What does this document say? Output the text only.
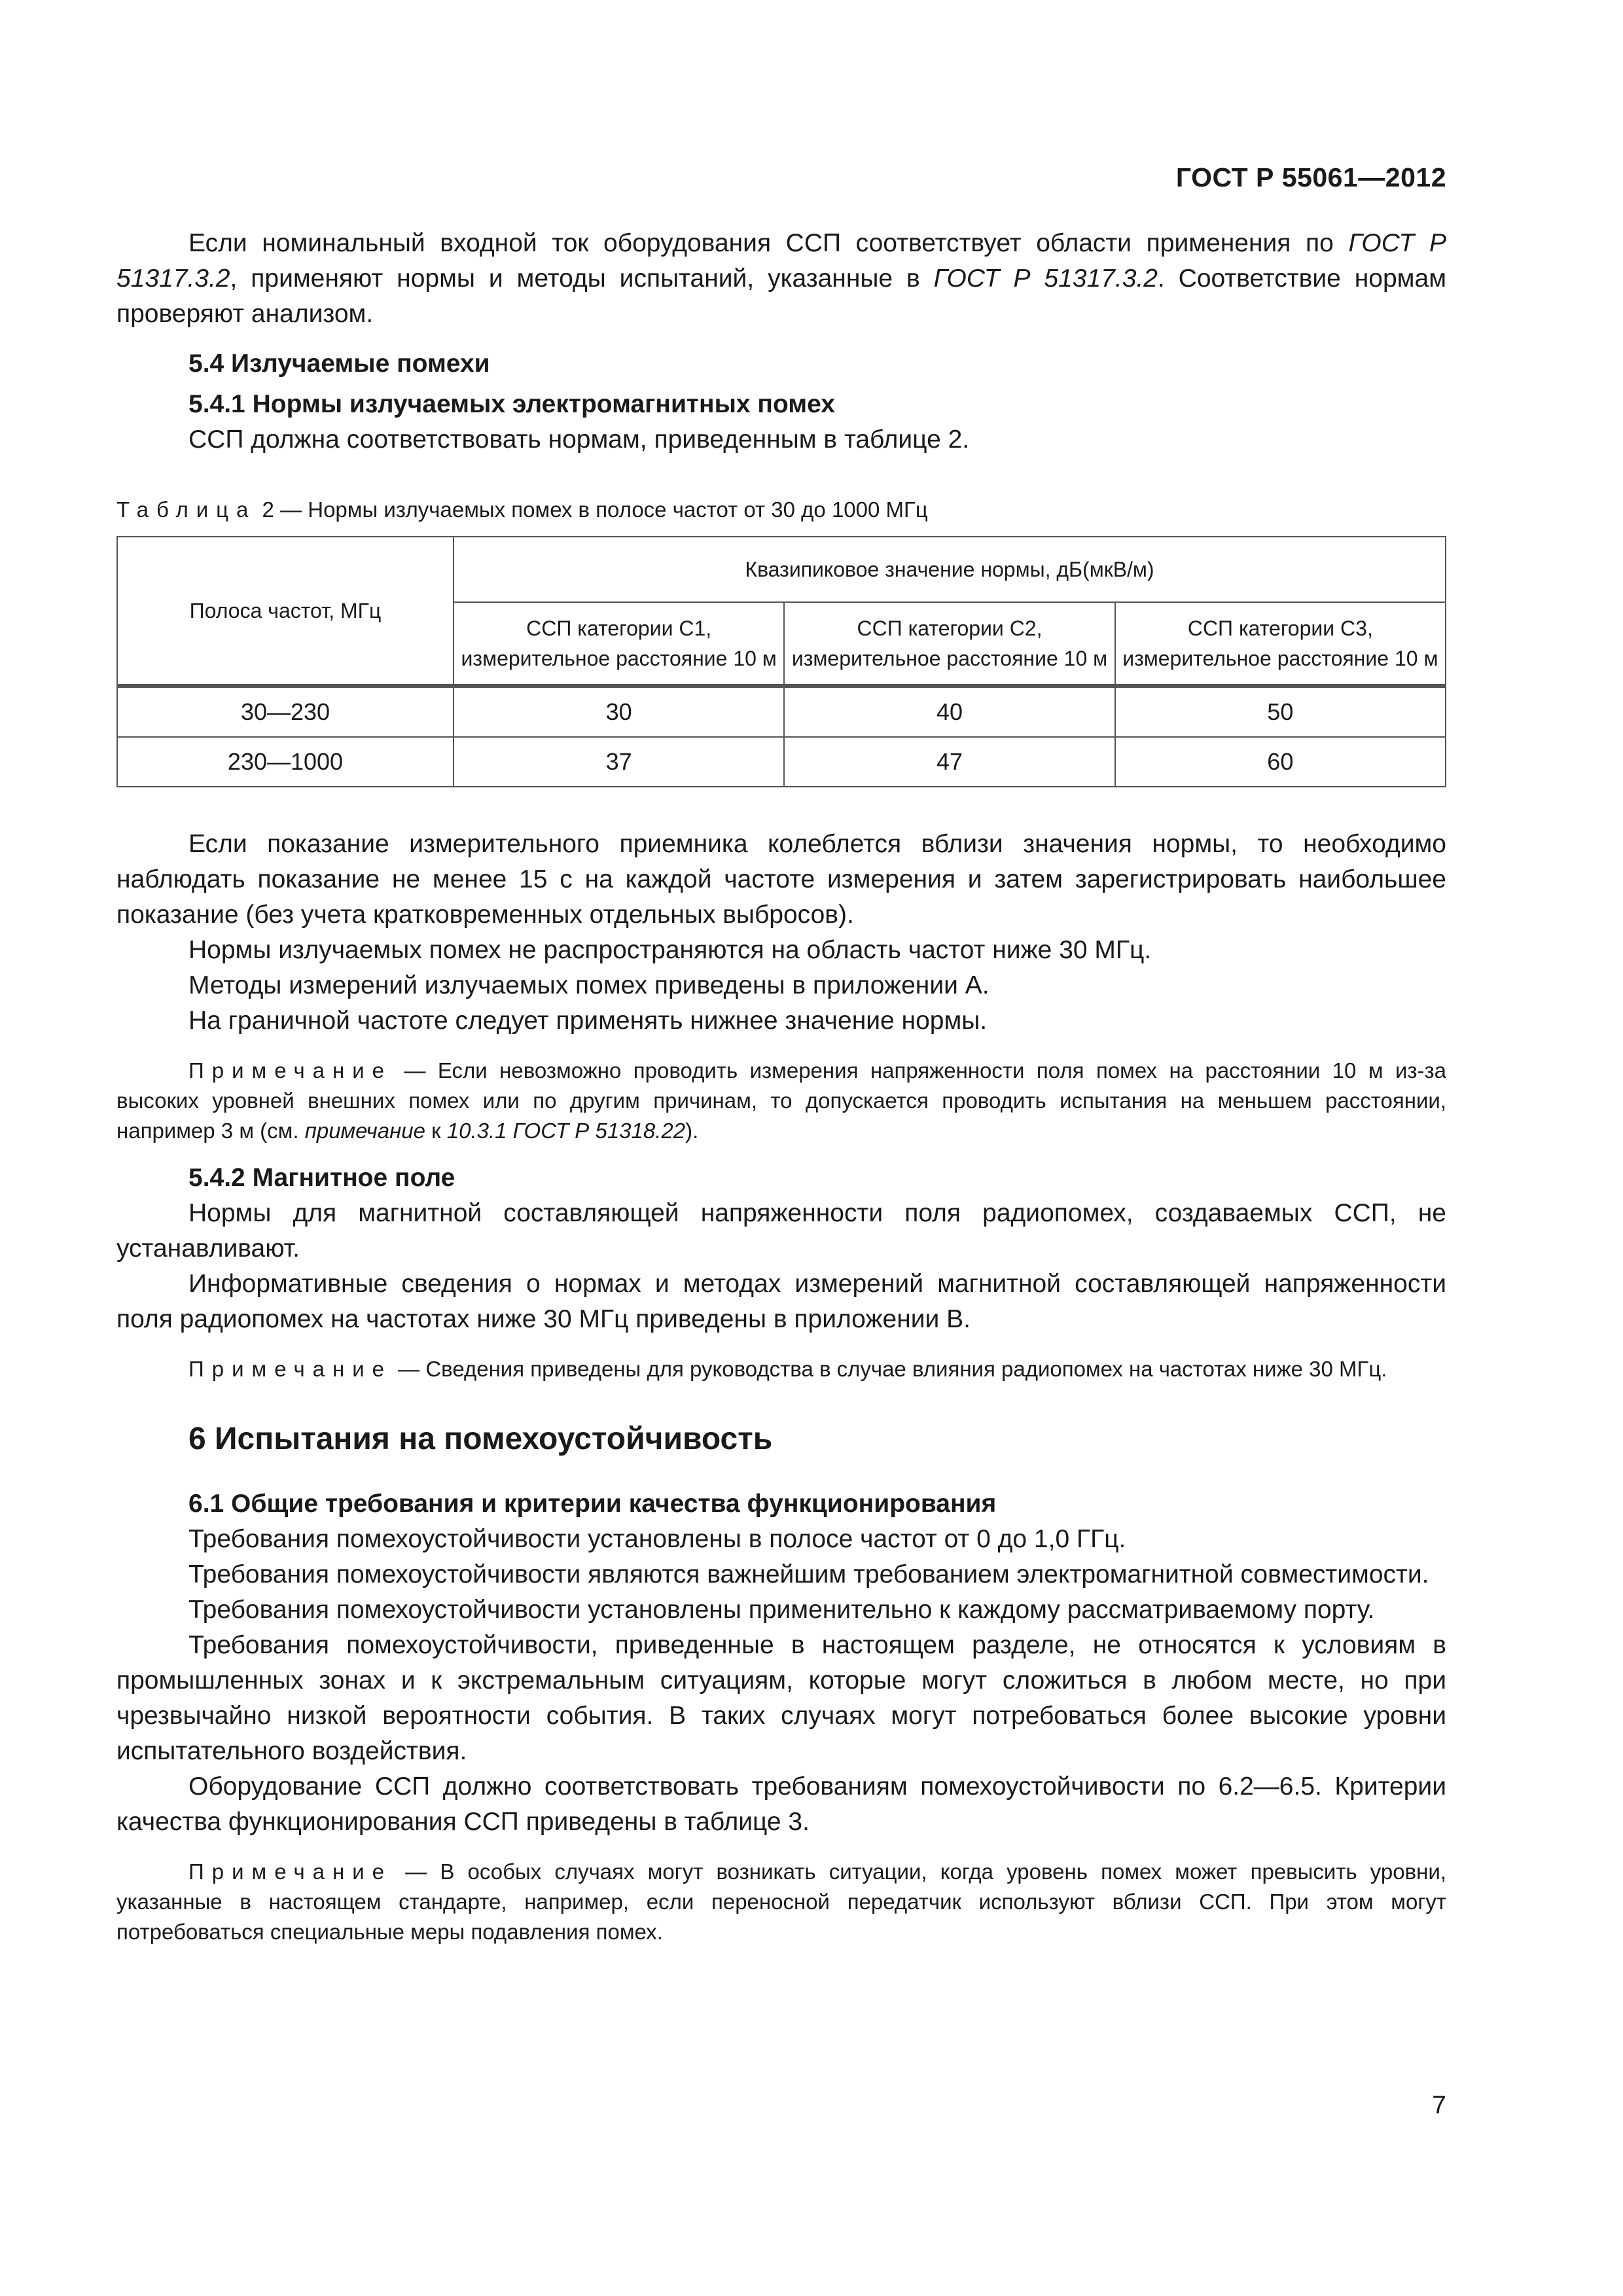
ГОСТ Р 55061—2012

Если номинальный входной ток оборудования ССП соответствует области применения по ГОСТ Р 51317.3.2, применяют нормы и методы испытаний, указанные в ГОСТ Р 51317.3.2. Соответствие нормам проверяют анализом.

5.4 Излучаемые помехи
5.4.1 Нормы излучаемых электромагнитных помех

ССП должна соответствовать нормам, приведенным в таблице 2.

Таблица 2 — Нормы излучаемых помех в полосе частот от 30 до 1000 МГц
Полоса частот, МГц	Квазипиковое значение нормы, дБ(мкВ/м)		
	ССП категории С1, измерительное расстояние 10 м	ССП категории С2, измерительное расстояние 10 м	ССП категории С3, измерительное расстояние 10 м
30—230	30	40	50
230—1000	37	47	60

Если показание измерительного приемника колеблется вблизи значения нормы, то необходимо наблюдать показание не менее 15 с на каждой частоте измерения и затем зарегистрировать наибольшее показание (без учета кратковременных отдельных выбросов).

Нормы излучаемых помех не распространяются на область частот ниже 30 МГц.

Методы измерений излучаемых помех приведены в приложении А.

На граничной частоте следует применять нижнее значение нормы.

Примечание — Если невозможно проводить измерения напряженности поля помех на расстоянии 10 м из-за высоких уровней внешних помех или по другим причинам, то допускается проводить испытания на меньшем расстоянии, например 3 м (см. примечание к 10.3.1 ГОСТ Р 51318.22).
5.4.2 Магнитное поле

Нормы для магнитной составляющей напряженности поля радиопомех, создаваемых ССП, не устанавливают.

Информативные сведения о нормах и методах измерений магнитной составляющей напряженности поля радиопомех на частотах ниже 30 МГц приведены в приложении В.

Примечание — Сведения приведены для руководства в случае влияния радиопомех на частотах ниже 30 МГц.
6 Испытания на помехоустойчивость
6.1 Общие требования и критерии качества функционирования

Требования помехоустойчивости установлены в полосе частот от 0 до 1,0 ГГц.

Требования помехоустойчивости являются важнейшим требованием электромагнитной совместимости.

Требования помехоустойчивости установлены применительно к каждому рассматриваемому порту.

Требования помехоустойчивости, приведенные в настоящем разделе, не относятся к условиям в промышленных зонах и к экстремальным ситуациям, которые могут сложиться в любом месте, но при чрезвычайно низкой вероятности события. В таких случаях могут потребоваться более высокие уровни испытательного воздействия.

Оборудование ССП должно соответствовать требованиям помехоустойчивости по 6.2—6.5. Критерии качества функционирования ССП приведены в таблице 3.

Примечание — В особых случаях могут возникать ситуации, когда уровень помех может превысить уровни, указанные в настоящем стандарте, например, если переносной передатчик используют вблизи ССП. При этом могут потребоваться специальные меры подавления помех.
7
